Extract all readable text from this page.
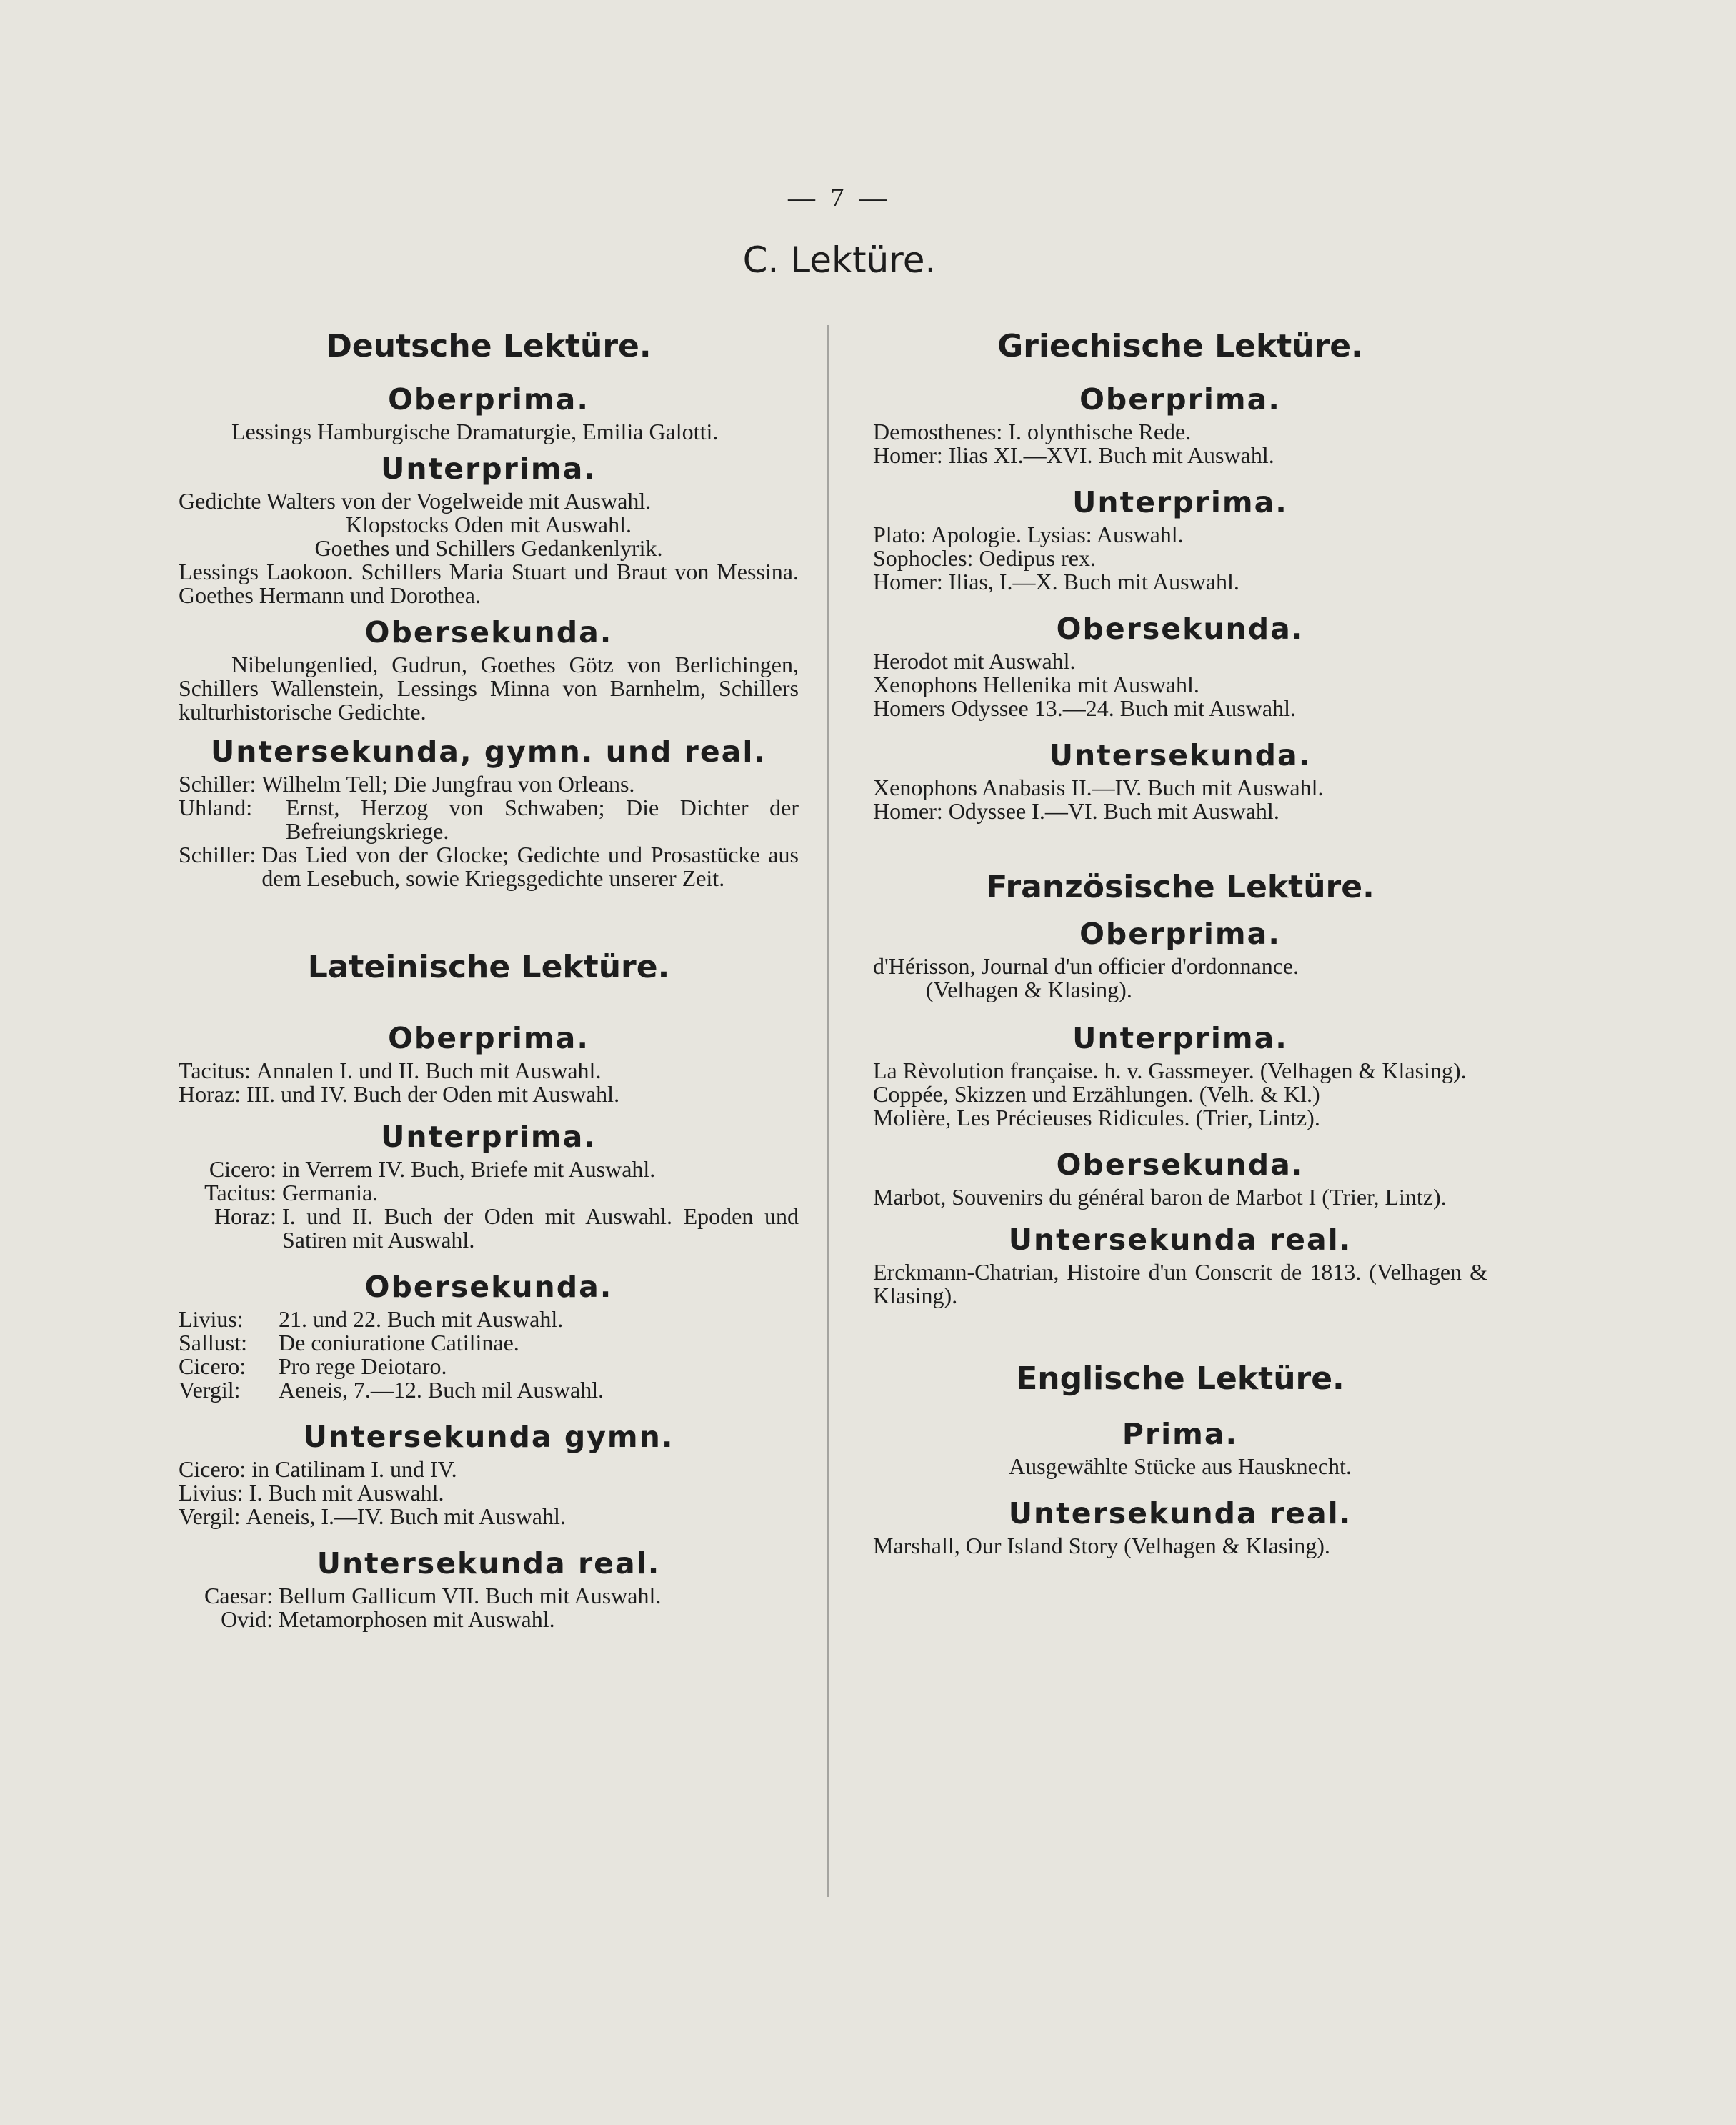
— 7 —
C. Lektüre.
Deutsche Lektüre.
Oberprima.

Lessings Hamburgische Dramaturgie, Emilia Galotti.

Unterprima.

Gedichte Walters von der Vogelweide mit Auswahl.

Klopstocks Oden mit Auswahl.

Goethes und Schillers Gedankenlyrik.

Lessings Laokoon. Schillers Maria Stuart und Braut von Messina. Goethes Hermann und Dorothea.

Obersekunda.

Nibelungenlied, Gudrun, Goethes Götz von Berlichingen, Schillers Wallenstein, Lessings Minna von Barnhelm, Schillers kulturhistorische Gedichte.

Untersekunda, gymn. und real.
Schiller: Wilhelm Tell; Die Jungfrau von Orleans.
Uhland:	Ernst, Herzog von Schwaben; Die Dichter der Befreiungskriege.
Schiller: Das Lied von der Glocke; Gedichte und Prosastücke aus dem Lesebuch, sowie Kriegsgedichte unserer Zeit.
Lateinische Lektüre.
Oberprima.
Tacitus: Annalen I. und II. Buch mit Auswahl.
Horaz: III. und IV. Buch der Oden mit Auswahl.
Unterprima.
Cicero: in Verrem IV. Buch, Briefe mit Auswahl.
Tacitus: Germania.
Horaz: I. und II. Buch der Oden mit Auswahl. Epoden und Satiren mit Auswahl.
Obersekunda.
Livius:	21. und 22. Buch mit Auswahl.
Sallust:	De coniuratione Catilinae.
Cicero:	Pro rege Deiotaro.
Vergil:	Aeneis, 7.—12. Buch mil Auswahl.
Untersekunda gymn.
Cicero: in Catilinam I. und IV.
Livius: I. Buch mit Auswahl.
Vergil: Aeneis, I.—IV. Buch mit Auswahl.
Untersekunda real.
Caesar: Bellum Gallicum VII. Buch mit Auswahl.
Ovid: Metamorphosen mit Auswahl.
Griechische Lektüre.
Oberprima.

Demosthenes: I. olynthische Rede.

Homer: Ilias XI.—XVI. Buch mit Auswahl.

Unterprima.

Plato: Apologie. Lysias: Auswahl.

Sophocles: Oedipus rex.

Homer: Ilias, I.—X. Buch mit Auswahl.

Obersekunda.

Herodot mit Auswahl.

Xenophons Hellenika mit Auswahl.

Homers Odyssee 13.—24. Buch mit Auswahl.

Untersekunda.

Xenophons Anabasis II.—IV. Buch mit Auswahl.

Homer: Odyssee I.—VI. Buch mit Auswahl.

Französische Lektüre.
Oberprima.

d'Hérisson, Journal d'un officier d'ordonnance.

(Velhagen & Klasing).

Unterprima.

La Rèvolution française. h. v. Gassmeyer. (Velhagen & Klasing).

Coppée, Skizzen und Erzählungen. (Velh. & Kl.)

Molière, Les Précieuses Ridicules. (Trier, Lintz).

Obersekunda.

Marbot, Souvenirs du général baron de Marbot I (Trier, Lintz).

Untersekunda real.

Erckmann-Chatrian, Histoire d'un Conscrit de 1813. (Velhagen & Klasing).

Englische Lektüre.
Prima.

Ausgewählte Stücke aus Hausknecht.

Untersekunda real.

Marshall, Our Island Story (Velhagen & Klasing).
